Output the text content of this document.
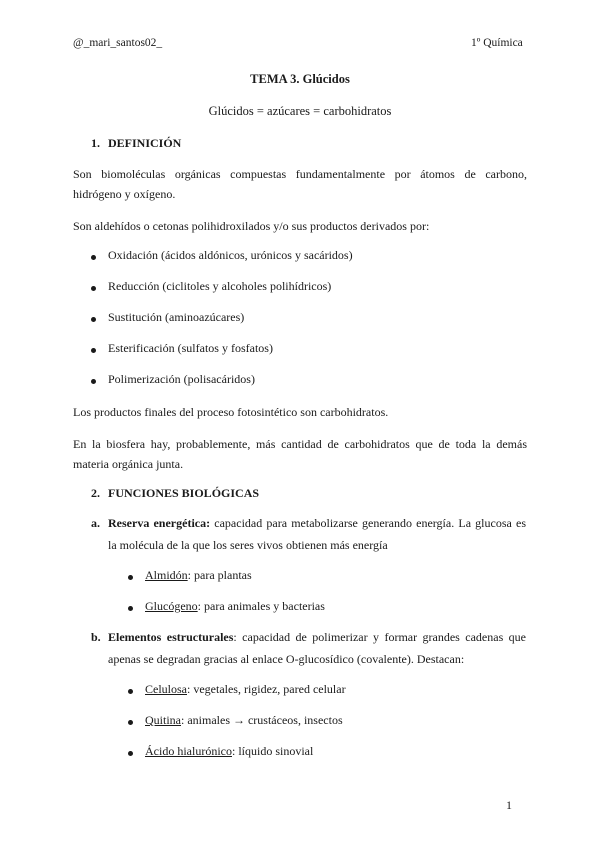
@_mari_santos02_	1º Química
TEMA 3. Glúcidos
Glúcidos = azúcares = carbohidratos
1. DEFINICIÓN
Son biomoléculas orgánicas compuestas fundamentalmente por átomos de carbono,
hidrógeno y oxígeno.
Son aldehídos o cetonas polihidroxilados y/o sus productos derivados por:
Oxidación (ácidos aldónicos, urónicos y sacáridos)
Reducción (ciclitoles y alcoholes polihídricos)
Sustitución (aminoazúcares)
Esterificación (sulfatos y fosfatos)
Polimerización (polisacáridos)
Los productos finales del proceso fotosintético son carbohidratos.
En la biosfera hay, probablemente, más cantidad de carbohidratos que de toda la demás
materia orgánica junta.
2. FUNCIONES BIOLÓGICAS
a. Reserva energética: capacidad para metabolizarse generando energía. La glucosa es
la molécula de la que los seres vivos obtienen más energía
Almidón: para plantas
Glucógeno: para animales y bacterias
b. Elementos estructurales: capacidad de polimerizar y formar grandes cadenas que
apenas se degradan gracias al enlace O-glucosídico (covalente). Destacan:
Celulosa: vegetales, rigidez, pared celular
Quitina: animales → crustáceos, insectos
Ácido hialurónico: líquido sinovial
1
